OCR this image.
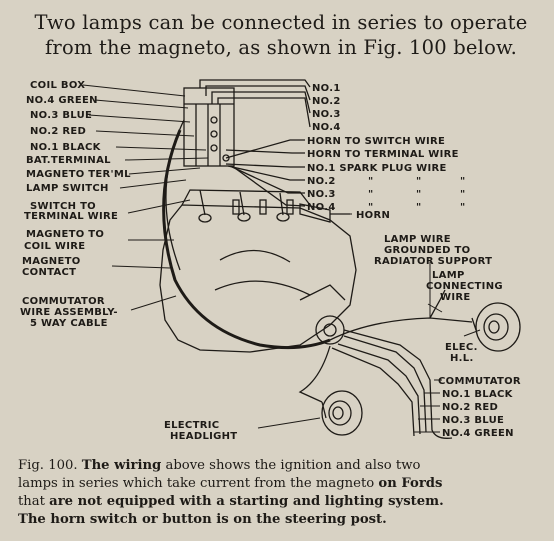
Two lamps can be connected in series to operate
from the magneto, as shown in Fig. 100 below.
COIL BOX
NO.4 GREEN
NO.3 BLUE
NO.2 RED
NO.1 BLACK
BAT.TERMINAL
MAGNETO TER'ML
LAMP SWITCH
SWITCH TO
TERMINAL WIRE
MAGNETO TO
COIL WIRE
MAGNETO
CONTACT
COMMUTATOR
WIRE ASSEMBLY-
5 WAY CABLE
NO.1
NO.2
NO.3
NO.4
HORN TO SWITCH WIRE
HORN TO TERMINAL WIRE
NO.1 SPARK PLUG WIRE
NO.2
NO.3
NO.4
HORN
"	"	"
"	"	"
"	"	"
LAMP WIRE
GROUNDED TO
RADIATOR SUPPORT
LAMP
CONNECTING
WIRE
ELEC.
H.L.
COMMUTATOR
NO.1 BLACK
NO.2 RED
NO.3 BLUE
NO.4 GREEN
ELECTRIC
HEADLIGHT
Fig. 100. The wiring above shows the ignition and also two
lamps in series which take current from the magneto on Fords
that are not equipped with a starting and lighting system.
The horn switch or button is on the steering post.
